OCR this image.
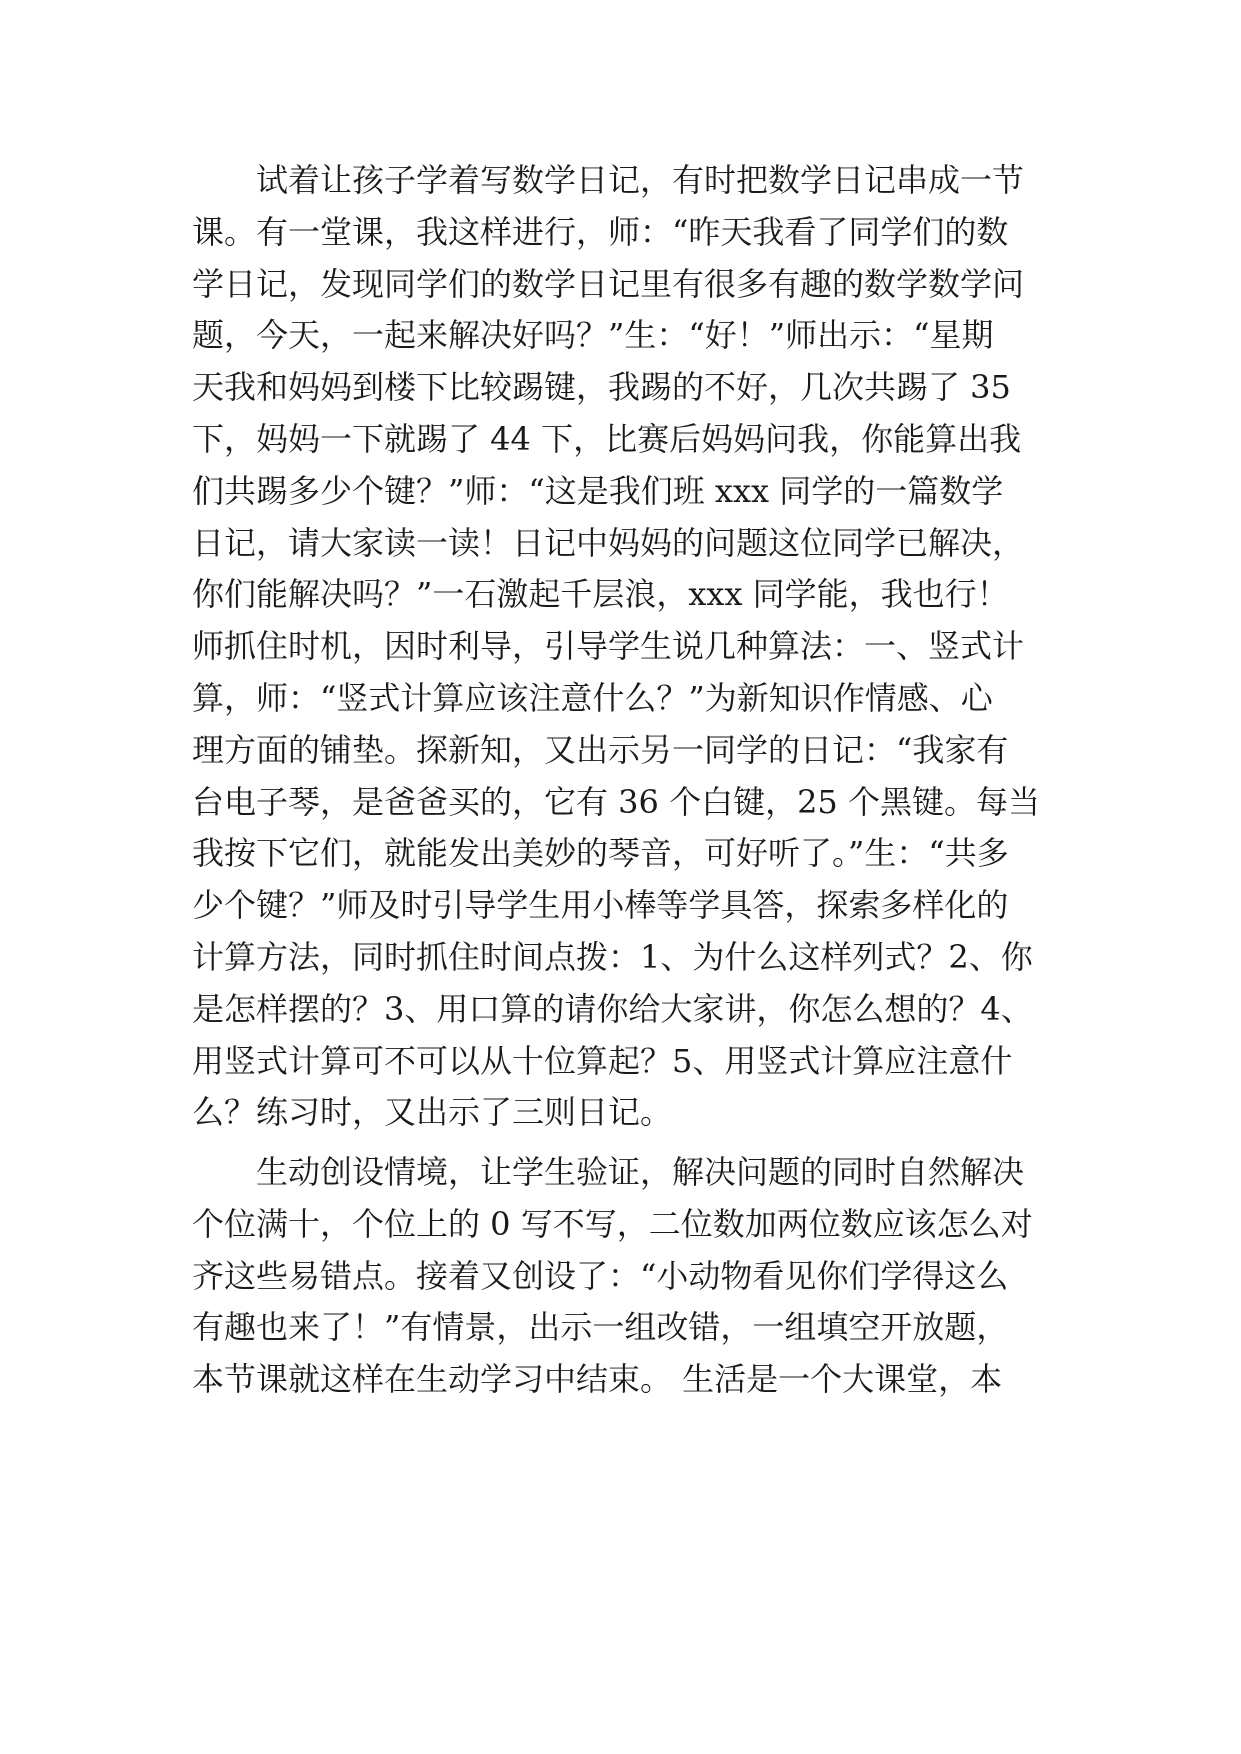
试着让孩子学着写数学日记，有时把数学日记串成一节
课。有一堂课，我这样进行，师：“昨天我看了同学们的数
学日记，发现同学们的数学日记里有很多有趣的数学数学问
题，今天，一起来解决好吗？”生：“好！”师出示：“星期
天我和妈妈到楼下比较踢键，我踢的不好，几次共踢了 35
下，妈妈一下就踢了 44 下，比赛后妈妈问我，你能算出我
们共踢多少个键？”师：“这是我们班 xxx 同学的一篇数学
日记，请大家读一读！日记中妈妈的问题这位同学已解决，
你们能解决吗？”一石激起千层浪，xxx 同学能，我也行！
师抓住时机，因时利导，引导学生说几种算法：一、竖式计
算，师：“竖式计算应该注意什么？”为新知识作情感、心
理方面的铺垫。探新知，又出示另一同学的日记：“我家有
台电子琴，是爸爸买的，它有 36 个白键，25 个黑键。每当
我按下它们，就能发出美妙的琴音，可好听了。”生：“共多
少个键？”师及时引导学生用小棒等学具答，探索多样化的
计算方法，同时抓住时间点拨：1、为什么这样列式？2、你
是怎样摆的？3、用口算的请你给大家讲，你怎么想的？4、
用竖式计算可不可以从十位算起？5、用竖式计算应注意什
么？练习时，又出示了三则日记。
生动创设情境，让学生验证，解决问题的同时自然解决
个位满十，个位上的 0 写不写，二位数加两位数应该怎么对
齐这些易错点。接着又创设了：“小动物看见你们学得这么
有趣也来了！”有情景，出示一组改错，一组填空开放题，
本节课就这样在生动学习中结束。 生活是一个大课堂，本
